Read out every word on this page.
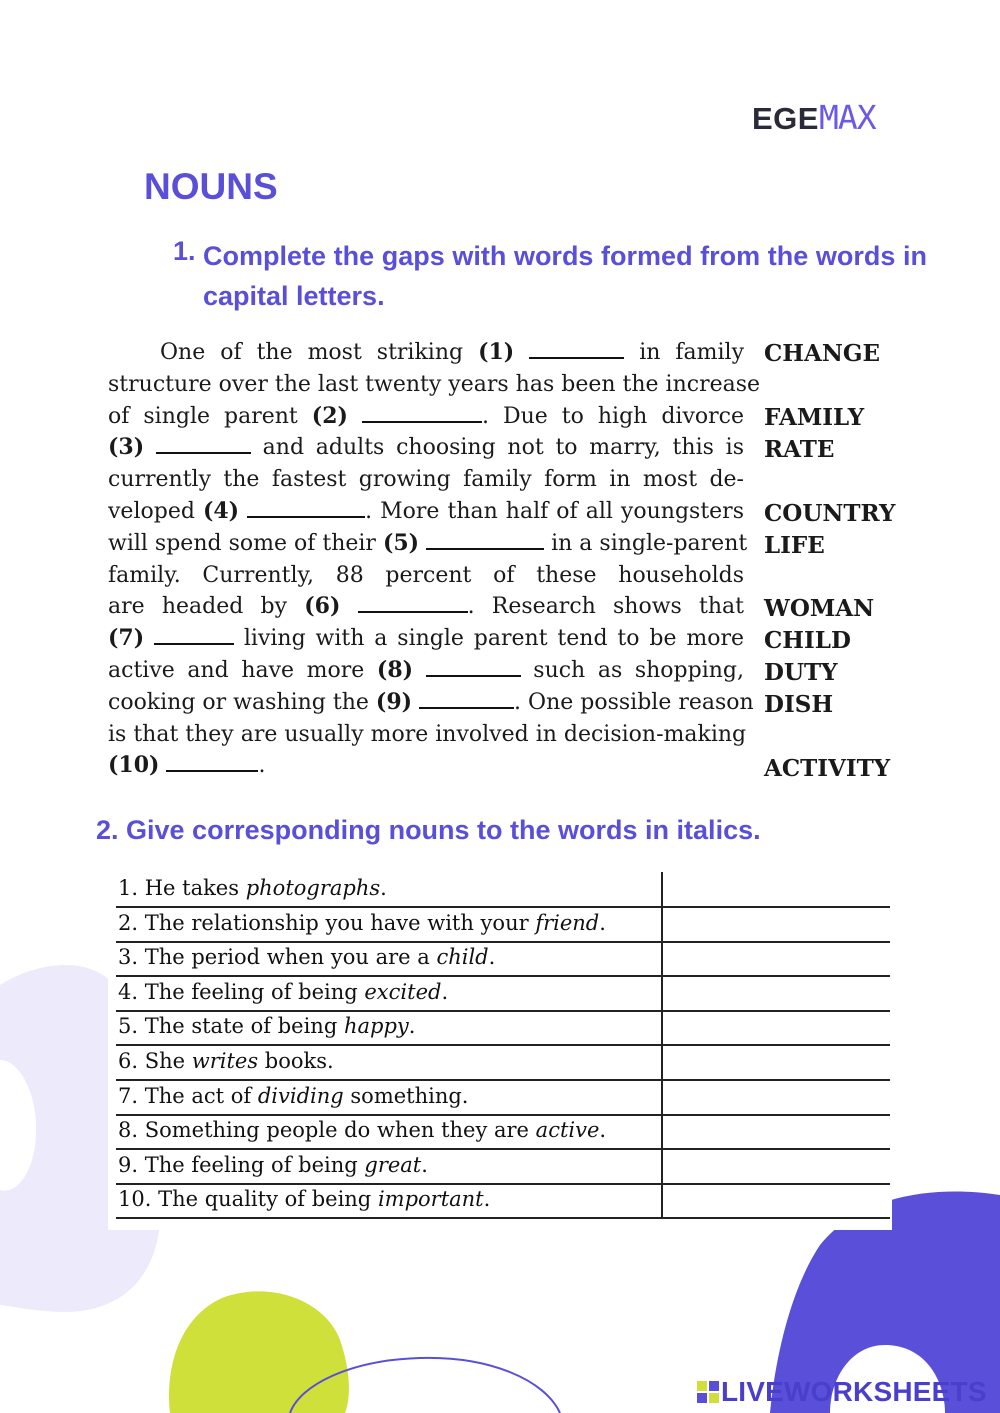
EGEMAX
NOUNS
1. Complete the gaps with words formed from the words in capital letters.
One of the most striking (1)	in family
structure over the last twenty years has been the increase
of single parent (2)	. Due to high divorce
(3)	and adults choosing not to marry, this is
currently the fastest growing family form in most de-
veloped (4)	. More than half of all youngsters
will spend some of their (5)	in a single-parent
family. Currently, 88 percent of these households
are headed by (6)	. Research shows that
(7)	living with a single parent tend to be more
active and have more (8)	such as shopping,
cooking or washing the (9)	. One possible reason
is that they are usually more involved in decision-making
(10)	.
CHANGE
FAMILY
RATE
COUNTRY
LIFE
WOMAN
CHILD
DUTY
DISH
ACTIVITY
2. Give corresponding nouns to the words in italics.
1. He takes photographs.
2. The relationship you have with your friend.
3. The period when you are a child.
4. The feeling of being excited.
5. The state of being happy.
6. She writes books.
7. The act of dividing something.
8. Something people do when they are active.
9. The feeling of being great.
10. The quality of being important.
LIVEWORKSHEETS
